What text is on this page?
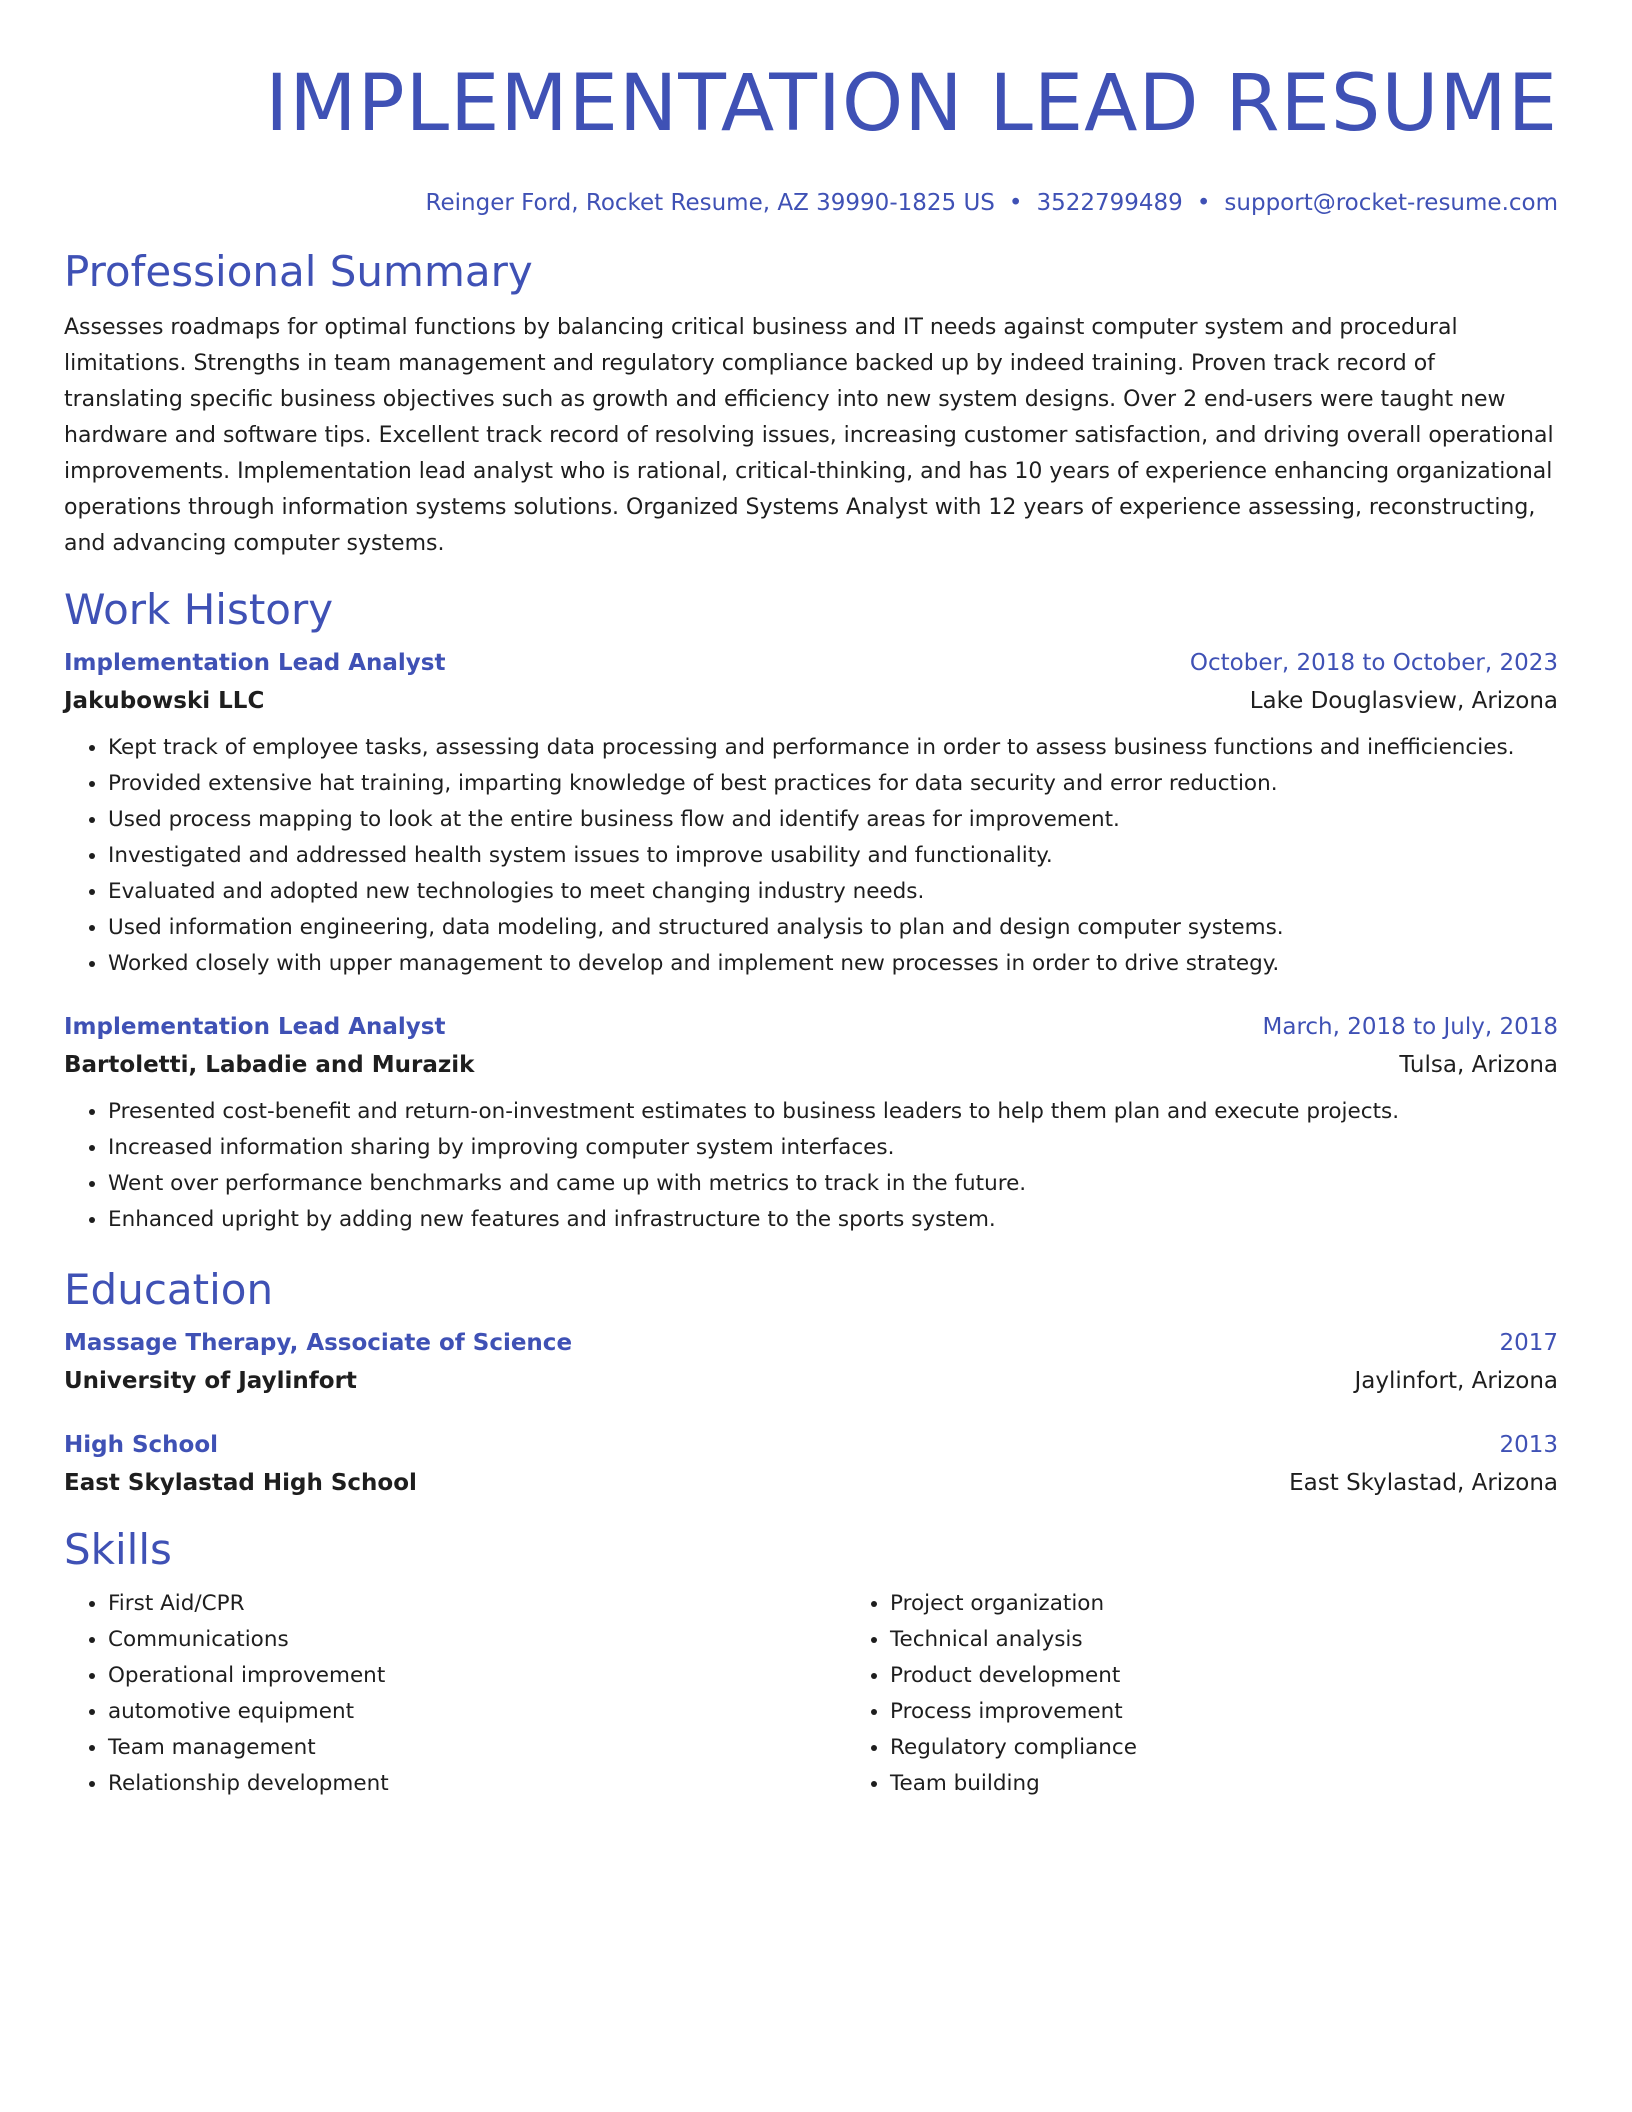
IMPLEMENTATION LEAD RESUME
Reinger Ford, Rocket Resume, AZ 39990-1825 US • 3522799489 • support@rocket-resume.com
Professional Summary

Assesses roadmaps for optimal functions by balancing critical business and IT needs against computer system and procedural limitations. Strengths in team management and regulatory compliance backed up by indeed training. Proven track record of translating specific business objectives such as growth and efficiency into new system designs. Over 2 end-users were taught new hardware and software tips. Excellent track record of resolving issues, increasing customer satisfaction, and driving overall operational improvements. Implementation lead analyst who is rational, critical-thinking, and has 10 years of experience enhancing organizational operations through information systems solutions. Organized Systems Analyst with 12 years of experience assessing, reconstructing, and advancing computer systems.

Work History
Implementation Lead Analyst	October, 2018 to October, 2023
Jakubowski LLC	Lake Douglasview, Arizona
• Kept track of employee tasks, assessing data processing and performance in order to assess business functions and inefficiencies.
• Provided extensive hat training, imparting knowledge of best practices for data security and error reduction.
• Used process mapping to look at the entire business flow and identify areas for improvement.
• Investigated and addressed health system issues to improve usability and functionality.
• Evaluated and adopted new technologies to meet changing industry needs.
• Used information engineering, data modeling, and structured analysis to plan and design computer systems.
• Worked closely with upper management to develop and implement new processes in order to drive strategy.
Implementation Lead Analyst	March, 2018 to July, 2018
Bartoletti, Labadie and Murazik	Tulsa, Arizona
• Presented cost-benefit and return-on-investment estimates to business leaders to help them plan and execute projects.
• Increased information sharing by improving computer system interfaces.
• Went over performance benchmarks and came up with metrics to track in the future.
• Enhanced upright by adding new features and infrastructure to the sports system.
Education
Massage Therapy, Associate of Science	2017
University of Jaylinfort	Jaylinfort, Arizona
High School	2013
East Skylastad High School	East Skylastad, Arizona
Skills
• First Aid/CPR
• Communications
• Operational improvement
• automotive equipment
• Team management
• Relationship development
• Project organization
• Technical analysis
• Product development
• Process improvement
• Regulatory compliance
• Team building
